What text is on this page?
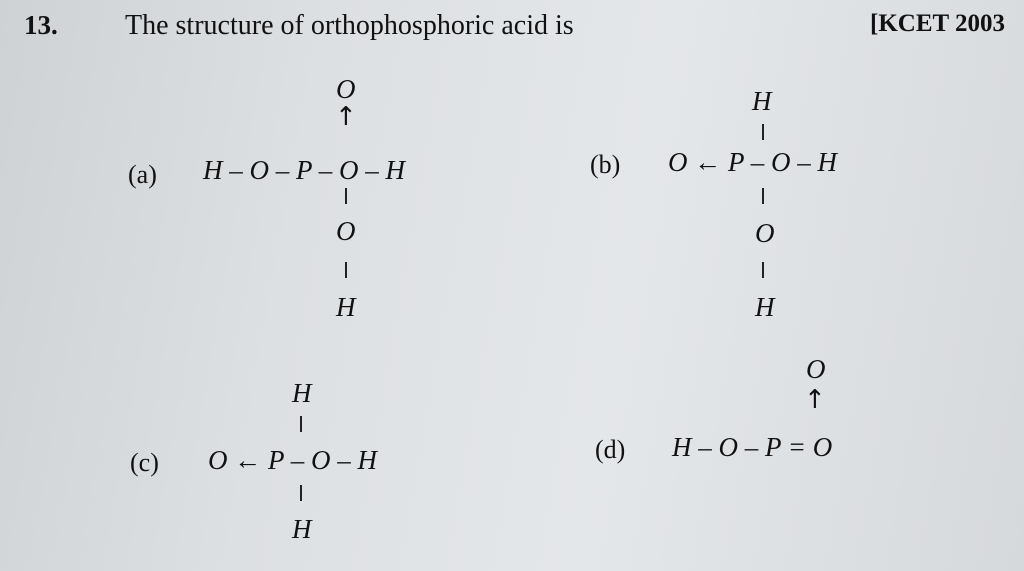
13. The structure of orthophosphoric acid is	[KCET 2003
(a)
O
↑
H – O – P – O – H
O
H
(b)
H
O ← P – O – H
O
H
(c)
H
O ← P – O – H
H
(d)
O
↑
H – O – P = O
